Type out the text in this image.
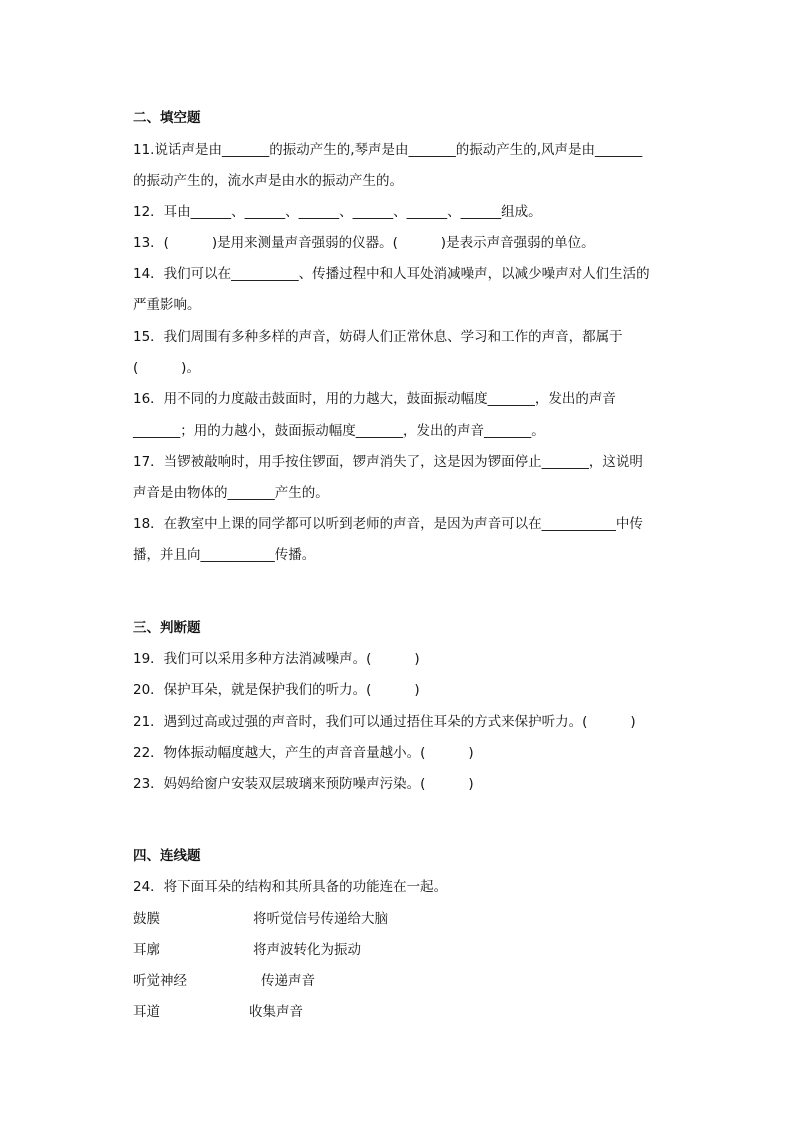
二、填空题
11.说话声是由_______的振动产生的,琴声是由_______的振动产生的,风声是由_______
的振动产生的，流水声是由水的振动产生的。
12．耳由______、______、______、______、______、______组成。
13．(          )是用来测量声音强弱的仪器。(          )是表示声音强弱的单位。
14．我们可以在__________、传播过程中和人耳处消减噪声，以减少噪声对人们生活的
严重影响。
15．我们周围有多种多样的声音，妨碍人们正常休息、学习和工作的声音，都属于
(          )。
16．用不同的力度敲击鼓面时，用的力越大，鼓面振动幅度_______，发出的声音
_______；用的力越小，鼓面振动幅度_______，发出的声音_______。
17．当锣被敲响时，用手按住锣面，锣声消失了，这是因为锣面停止_______，这说明
声音是由物体的_______产生的。
18．在教室中上课的同学都可以听到老师的声音，是因为声音可以在___________中传
播，并且向___________传播。
三、判断题
19．我们可以采用多种方法消减噪声。(          )
20．保护耳朵，就是保护我们的听力。(          )
21．遇到过高或过强的声音时，我们可以通过捂住耳朵的方式来保护听力。(          )
22．物体振动幅度越大，产生的声音音量越小。(          )
23．妈妈给窗户安装双层玻璃来预防噪声污染。(          )
四、连线题
24．将下面耳朵的结构和其所具备的功能连在一起。
鼓膜	将听觉信号传递给大脑
耳廓	将声波转化为振动
听觉神经	传递声音
耳道	收集声音
